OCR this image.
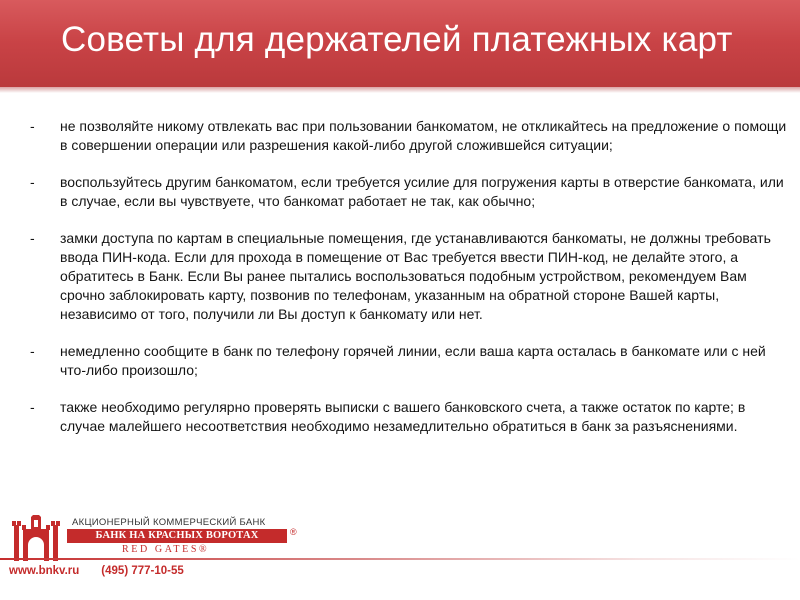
Советы для держателей платежных карт
- не позволяйте никому отвлекать вас при пользовании банкоматом, не откликайтесь на предложение о помощи в совершении операции или разрешения какой-либо другой сложившейся ситуации;
- воспользуйтесь другим банкоматом, если требуется усилие для погружения карты в отверстие банкомата, или в случае, если вы чувствуете, что банкомат работает не так, как обычно;
- замки доступа по картам в специальные помещения, где устанавливаются банкоматы, не должны требовать ввода ПИН-кода. Если для прохода в помещение от Вас требуется ввести ПИН-код, не делайте этого, а обратитесь в Банк. Если Вы ранее пытались воспользоваться подобным устройством, рекомендуем Вам срочно заблокировать карту, позвонив по телефонам, указанным на обратной стороне Вашей карты, независимо от того, получили ли Вы доступ к банкомату или нет.
- немедленно сообщите в банк по телефону горячей линии, если ваша карта осталась в банкомате или с ней что-либо произошло;
- также необходимо регулярно проверять выписки с вашего банковского счета, а также остаток по карте; в случае малейшего несоответствия необходимо незамедлительно обратиться в банк за разъяснениями.
АКЦИОНЕРНЫЙ КОММЕРЧЕСКИЙ БАНК
БАНК НА КРАСНЫХ ВОРОТАХ	®
RED GATES®
www.bnkv.ru (495) 777-10-55
